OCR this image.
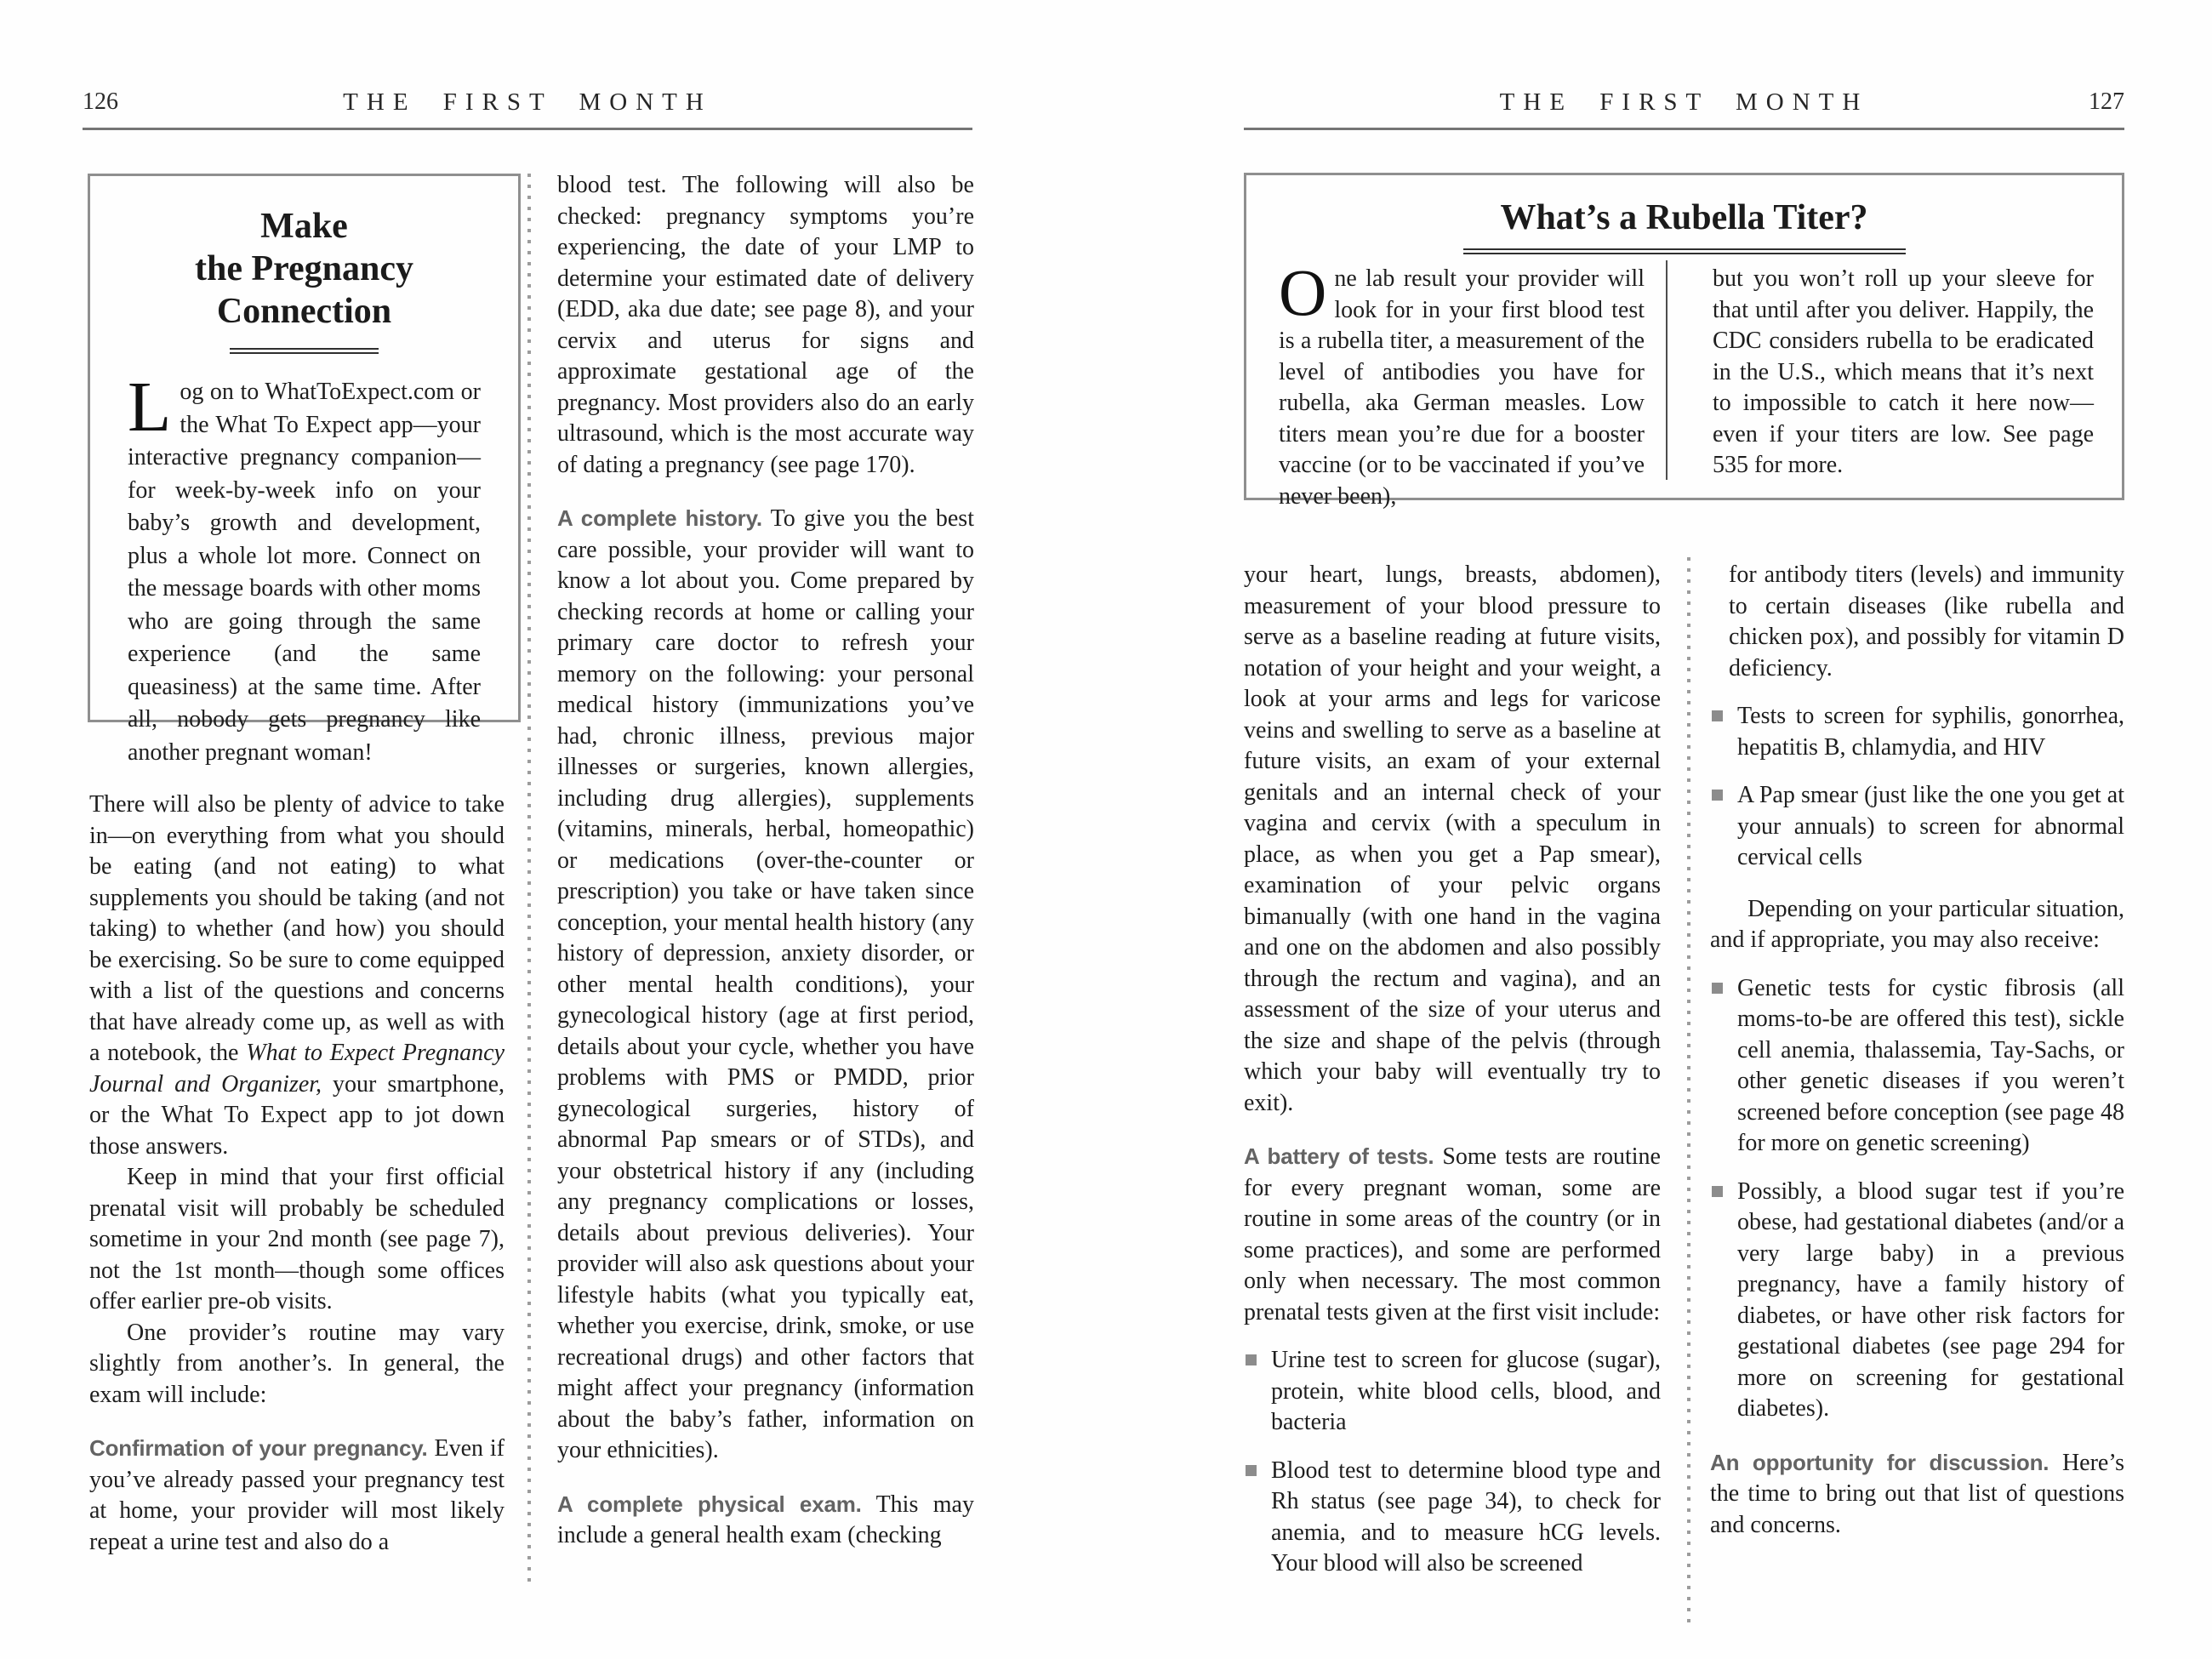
126	THE FIRST MONTH
Make
the Pregnancy
Connection

Log on to WhatToExpect.com or the What To Expect app—your interactive pregnancy companion—for week-by-week info on your baby’s growth and development, plus a whole lot more. Connect on the message boards with other moms who are going through the same experience (and the same queasiness) at the same time. After all, nobody gets pregnancy like another pregnant woman!

There will also be plenty of advice to take in—on everything from what you should be eating (and not eating) to what supplements you should be taking (and not taking) to whether (and how) you should be exercising. So be sure to come equipped with a list of the questions and concerns that have already come up, as well as with a notebook, the What to Expect Pregnancy Journal and Organizer, your smartphone, or the What To Expect app to jot down those answers.

Keep in mind that your first official prenatal visit will probably be scheduled sometime in your 2nd month (see page 7), not the 1st month—though some offices offer earlier pre-ob visits.

One provider’s routine may vary slightly from another’s. In general, the exam will include:

Confirmation of your pregnancy. Even if you’ve already passed your pregnancy test at home, your provider will most likely repeat a urine test and also do a

blood test. The following will also be checked: pregnancy symptoms you’re experiencing, the date of your LMP to determine your estimated date of delivery (EDD, aka due date; see page 8), and your cervix and uterus for signs and approximate gestational age of the pregnancy. Most providers also do an early ultrasound, which is the most accurate way of dating a pregnancy (see page 170).

A complete history. To give you the best care possible, your provider will want to know a lot about you. Come prepared by checking records at home or calling your primary care doctor to refresh your memory on the following: your personal medical history (immunizations you’ve had, chronic illness, previous major illnesses or surgeries, known allergies, including drug allergies), supplements (vitamins, minerals, herbal, homeopathic) or medications (over-the-counter or prescription) you take or have taken since conception, your mental health history (any history of depression, anxiety disorder, or other mental health conditions), your gynecological history (age at first period, details about your cycle, whether you have problems with PMS or PMDD, prior gynecological surgeries, history of abnormal Pap smears or of STDs), and your obstetrical history if any (including any pregnancy complications or losses, details about previous deliveries). Your provider will also ask questions about your lifestyle habits (what you typically eat, whether you exercise, drink, smoke, or use recreational drugs) and other factors that might affect your pregnancy (information about the baby’s father, information on your ethnicities).

A complete physical exam. This may include a general health exam (checking

THE FIRST MONTH	127
What’s a Rubella Titer?
One lab result your provider will look for in your first blood test is a rubella titer, a measurement of the level of antibodies you have for rubella, aka German measles. Low titers mean you’re due for a booster vaccine (or to be vaccinated if you’ve never been),
but you won’t roll up your sleeve for that until after you deliver. Happily, the CDC considers rubella to be eradicated in the U.S., which means that it’s next to impossible to catch it here now—even if your titers are low. See page 535 for more.

your heart, lungs, breasts, abdomen), measurement of your blood pressure to serve as a baseline reading at future visits, notation of your height and your weight, a look at your arms and legs for varicose veins and swelling to serve as a baseline at future visits, an exam of your external genitals and an internal check of your vagina and cervix (with a speculum in place, as when you get a Pap smear), examination of your pelvic organs bimanually (with one hand in the vagina and one on the abdomen and also possibly through the rectum and vagina), and an assessment of the size of your uterus and the size and shape of the pelvis (through which your baby will eventually try to exit).

A battery of tests. Some tests are routine for every pregnant woman, some are routine in some areas of the country (or in some practices), and some are performed only when necessary. The most common prenatal tests given at the first visit include:

Urine test to screen for glucose (sugar), protein, white blood cells, blood, and bacteria

Blood test to determine blood type and Rh status (see page 34), to check for anemia, and to measure hCG levels. Your blood will also be screened

for antibody titers (levels) and immunity to certain diseases (like rubella and chicken pox), and possibly for vitamin D deficiency.

Tests to screen for syphilis, gonorrhea, hepatitis B, chlamydia, and HIV

A Pap smear (just like the one you get at your annuals) to screen for abnormal cervical cells

Depending on your particular situation, and if appropriate, you may also receive:

Genetic tests for cystic fibrosis (all moms-to-be are offered this test), sickle cell anemia, thalassemia, Tay-Sachs, or other genetic diseases if you weren’t screened before conception (see page 48 for more on genetic screening)

Possibly, a blood sugar test if you’re obese, had gestational diabetes (and/or a very large baby) in a previous pregnancy, have a family history of diabetes, or have other risk factors for gestational diabetes (see page 294 for more on screening for gestational diabetes).

An opportunity for discussion. Here’s the time to bring out that list of questions and concerns.
